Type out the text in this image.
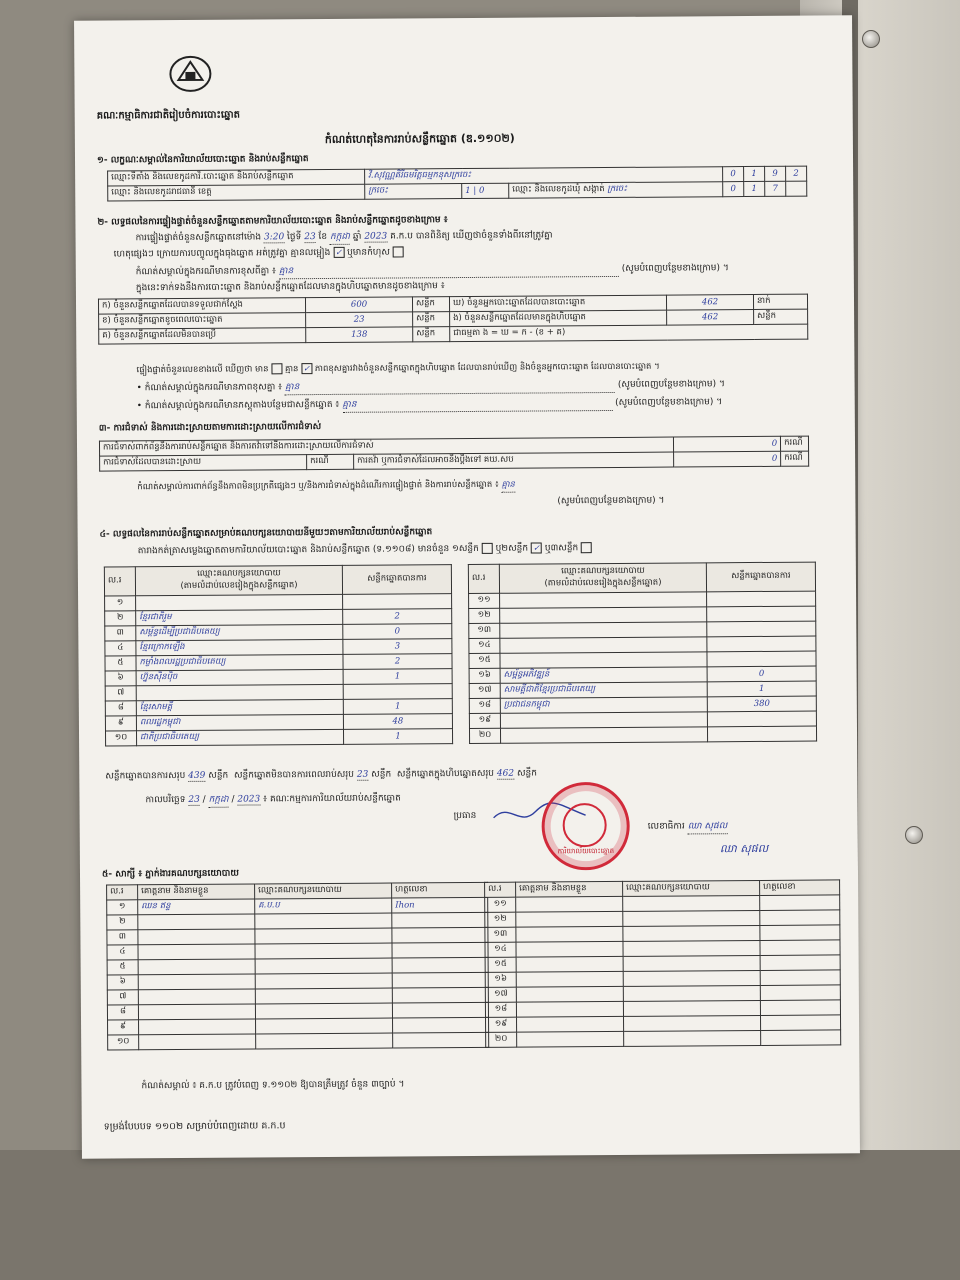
គណៈកម្មាធិការជាតិរៀបចំការបោះឆ្នោត
កំណត់ហេតុនៃការរាប់សន្លឹកឆ្នោត (ឌ.១១០២)
១- លក្ខណៈសម្គាល់នៃការិយាល័យបោះឆ្នោត និងរាប់សន្លឹកឆ្នោត
ឈ្មោះទីតាំង និងលេខកូដការិ.បោះឆ្នោត និងរាប់សន្លឹកឆ្នោត	វិ.សុវណ្ណគិរីធមរិត្តធម្មកនុសក្រចេះ			0	1	9	2
ឈ្មោះ និងលេខកូដរាជធានី ខេត្ត	ក្រចេះ	1 | 0	ឈ្មោះ និងលេខកូដឃុំ សង្កាត់ ក្រចេះ	0	1	7	
២- លទ្ធផលនៃការផ្ទៀងផ្ទាត់ចំនួនសន្លឹកឆ្នោតតាមការិយាល័យបោះឆ្នោត និងរាប់សន្លឹកឆ្នោតដូចខាងក្រោម ៖
ការផ្ទៀងផ្ទាត់ចំនួនសន្លឹកឆ្នោតនៅម៉ោង 3:20 ថ្ងៃទី 23 ខែ កក្កដា ឆ្នាំ 2023 គ.ក.ប បានពិនិត្យ ឃើញថាចំនួនទាំងពីរនៅត្រូវគ្នា
ហេតុផ្សេងៗ ក្រោយការបញ្ចូលក្នុងធុងឆ្នោត អត់ត្រូវគ្នា គ្មានលម្អៀង ✓ ឬមានកំហុស
កំណត់សម្គាល់ក្នុងករណីមានការខុសពីគ្នា ៖ គ្មាន	(សូមបំពេញបន្ថែមខាងក្រោម) ។
ក្នុងនេះទាក់ទងនឹងការបោះឆ្នោត និងរាប់សន្លឹកឆ្នោតដែលមានក្នុងហិបឆ្នោតមានដូចខាងក្រោម ៖
ក) ចំនួនសន្លឹកឆ្នោតដែលបានទទួលជាក់ស្តែង	600	សន្លឹក	ឃ) ចំនួនអ្នកបោះឆ្នោតដែលបានបោះឆ្នោត	462	នាក់
ខ) ចំនួនសន្លឹកឆ្នោតខូចពេលបោះឆ្នោត	23	សន្លឹក	ង) ចំនួនសន្លឹកឆ្នោតដែលមានក្នុងហិបឆ្នោត	462	សន្លឹក
គ) ចំនួនសន្លឹកឆ្នោតដែលមិនបានប្រើ	138	សន្លឹក	ជាធម្មតា ង = ឃ = ក - (ខ + គ)		
ផ្ទៀងផ្ទាត់ចំនួនលេខខាងលើ ឃើញថា មាន គ្មាន ✓ ភាពខុសគ្នារវាងចំនួនសន្លឹកឆ្នោតក្នុងហិបឆ្នោត ដែលបានរាប់ឃើញ និងចំនួនអ្នកបោះឆ្នោត ដែលបានបោះឆ្នោត ។
• កំណត់សម្គាល់ក្នុងករណីមានភាពខុសគ្នា ៖ គ្មាន	(សូមបំពេញបន្ថែមខាងក្រោម) ។
• កំណត់សម្គាល់ក្នុងករណីមានភស្តុតាងបន្ថែមជាសន្លឹកឆ្នោត ៖ គ្មាន	(សូមបំពេញបន្ថែមខាងក្រោម) ។
៣- ការជំទាស់ និងការដោះស្រាយតាមការដោះស្រាយលើការជំទាស់
ការជំទាស់ពាក់ព័ន្ធនឹងការរាប់សន្លឹកឆ្នោត និងការតវ៉ាទៅនឹងការដោះស្រាយលើការជំទាស់			0	ករណី
ការជំទាស់ដែលបានដោះស្រាយ	ករណី	ការតវ៉ា ឬការជំទាស់ដែលអាចនឹងប្តឹងទៅ គឃ.សប	0	ករណី
កំណត់សម្គាល់ការពាក់ព័ន្ធនឹងភាពមិនប្រក្រតីផ្សេងៗ ឬ/និងការជំទាស់ក្នុងដំណើរការផ្ទៀងផ្ទាត់ និងការរាប់សន្លឹកឆ្នោត ៖ គ្មាន
(សូមបំពេញបន្ថែមខាងក្រោម) ។
៤- លទ្ធផលនៃការរាប់សន្លឹកឆ្នោតសម្រាប់គណបក្សនយោបាយនីមួយៗតាមការិយាល័យរាប់សន្លឹកឆ្នោត
តារាងកត់ត្រាសម្លេងឆ្នោតតាមការិយាល័យបោះឆ្នោត និងរាប់សន្លឹកឆ្នោត (ទ.១១០៨) មានចំនួន ១សន្លឹក ឬ២សន្លឹក ✓ ឬ៣សន្លឹក
ល.រ	ឈ្មោះគណបក្សនយោបាយ
(តាមលំដាប់លេខរៀងក្នុងសន្លឹកឆ្នោត)	សន្លឹកឆ្នោតបានការ
១		
២	ខ្មែរជាតិរួម	2
៣	សម្ព័ន្ធដើម្បីប្រជាធិបតេយ្យ	0
៤	ខ្មែរក្រោកឡើង	3
៥	កម្លាំងពលរដ្ឋប្រជាធិបតេយ្យ	2
៦	ហ្វ៊ុនស៊ិនប៉ិច	1
៧		
៨	ខ្មែរសាមគ្គី	1
៩	ពលរដ្ឋកម្ពុជា	48
១០	ជាតិប្រជាធិបតេយ្យ	1
ល.រ	ឈ្មោះគណបក្សនយោបាយ
(តាមលំដាប់លេខរៀងក្នុងសន្លឹកឆ្នោត)	សន្លឹកឆ្នោតបានការ
១១		
១២		
១៣		
១៤		
១៥		
១៦	សម្ព័ន្ធអភិវឌ្ឍន៍	0
១៧	សាមគ្គីជាតិខ្មែរប្រជាធិបតេយ្យ	1
១៨	ប្រជាជនកម្ពុជា	380
១៩		
២០		
សន្លឹកឆ្នោតបានការសរុប 439 សន្លឹក សន្លឹកឆ្នោតមិនបានការពេលរាប់សរុប 23 សន្លឹក សន្លឹកឆ្នោតក្នុងហិបឆ្នោតសរុប 462 សន្លឹក
កាលបរិច្ឆេទ 23 / កក្កដា / 2023 ៖ គណៈកម្មការការិយាល័យរាប់សន្លឹកឆ្នោត
ប្រធាន
ការិយាល័យបោះឆ្នោត
លេខាធិការ ឈា សុផល
ឈា សុផល
៥- សាក្សី ៖ ភ្នាក់ងារគណបក្សនយោបាយ
ល.រ	គោត្តនាម និងនាមខ្លួន	ឈ្មោះគណបក្សនយោបាយ	ហត្ថលេខា
១	ឈន ឥន្ទ	គ.ប.ប	Ihon
២			
៣			
៤			
៥			
៦			
៧			
៨			
៩			
១០			
ល.រ	គោត្តនាម និងនាមខ្លួន	ឈ្មោះគណបក្សនយោបាយ	ហត្ថលេខា
១១			
១២			
១៣			
១៤			
១៥			
១៦			
១៧			
១៨			
១៩			
២០			
កំណត់សម្គាល់ ៖ គ.ក.ប ត្រូវបំពេញ ទ.១១០២ ឱ្យបានត្រឹមត្រូវ ចំនួន ៣ច្បាប់ ។
ទម្រង់បែបបទ ១១០២ សម្រាប់បំពេញដោយ គ.ក.ប
